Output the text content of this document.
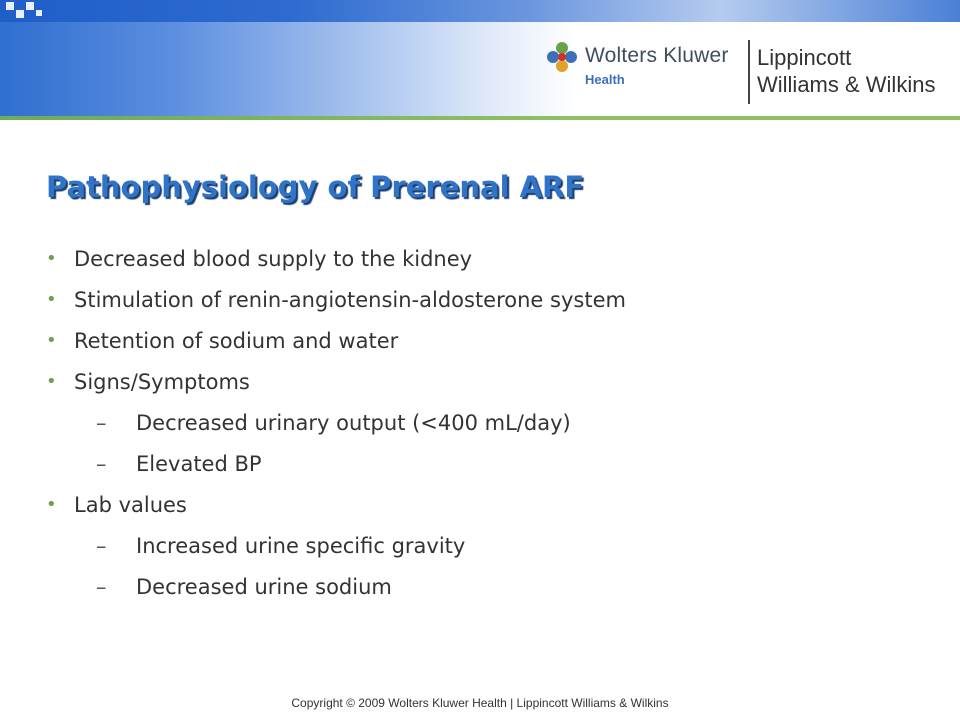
Wolters Kluwer
Health
Lippincott
Williams & Wilkins
Pathophysiology of Prerenal ARF
• Decreased blood supply to the kidney
• Stimulation of renin-angiotensin-aldosterone system
• Retention of sodium and water
• Signs/Symptoms
– Decreased urinary output (<400 mL/day)
– Elevated BP
• Lab values
– Increased urine specific gravity
– Decreased urine sodium
Copyright © 2009 Wolters Kluwer Health | Lippincott Williams & Wilkins
